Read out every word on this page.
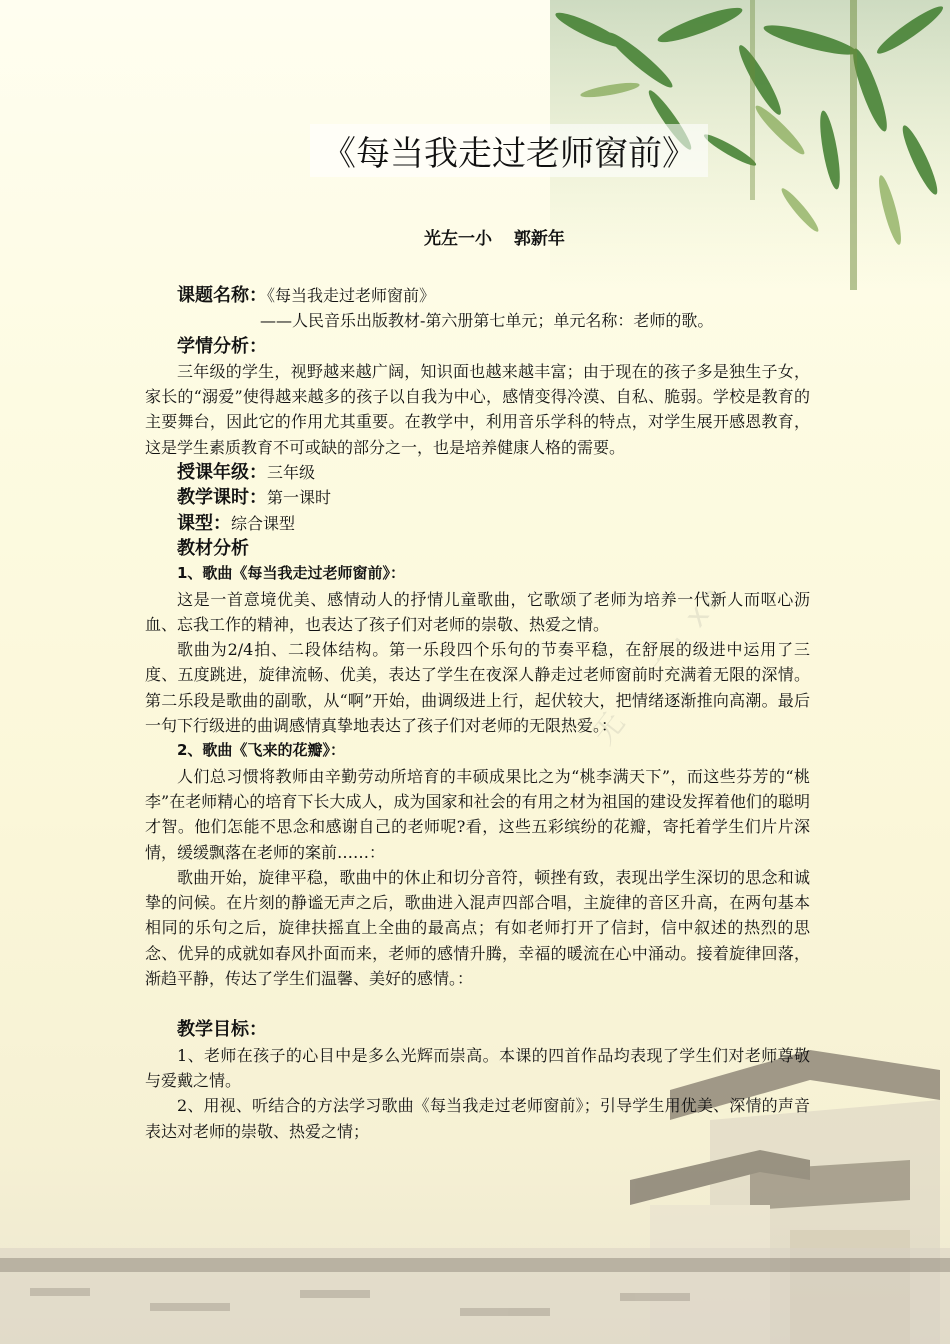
无 · 一 · xn
《每当我走过老师窗前》
光左一小 郭新年

课题名称：《每当我走过老师窗前》

——人民音乐出版教材-第六册第七单元；单元名称：老师的歌。

学情分析：

三年级的学生，视野越来越广阔，知识面也越来越丰富；由于现在的孩子多是独生子女，家长的“溺爱”使得越来越多的孩子以自我为中心，感情变得冷漠、自私、脆弱。学校是教育的主要舞台，因此它的作用尤其重要。在教学中，利用音乐学科的特点，对学生展开感恩教育，这是学生素质教育不可或缺的部分之一，也是培养健康人格的需要。

授课年级：三年级

教学课时：第一课时

课型：综合课型

教材分析

1、歌曲《每当我走过老师窗前》：

这是一首意境优美、感情动人的抒情儿童歌曲，它歌颂了老师为培养一代新人而呕心沥血、忘我工作的精神，也表达了孩子们对老师的崇敬、热爱之情。

歌曲为2/4拍、二段体结构。第一乐段四个乐句的节奏平稳，在舒展的级进中运用了三度、五度跳进，旋律流畅、优美，表达了学生在夜深人静走过老师窗前时充满着无限的深情。第二乐段是歌曲的副歌，从“啊”开始，曲调级进上行，起伏较大，把情绪逐渐推向高潮。最后一句下行级进的曲调感情真挚地表达了孩子们对老师的无限热爱。：

2、歌曲《飞来的花瓣》：

人们总习惯将教师由辛勤劳动所培育的丰硕成果比之为“桃李满天下”，而这些芬芳的“桃李”在老师精心的培育下长大成人，成为国家和社会的有用之材为祖国的建设发挥着他们的聪明才智。他们怎能不思念和感谢自己的老师呢?看，这些五彩缤纷的花瓣，寄托着学生们片片深情，缓缓飘落在老师的案前……：

歌曲开始，旋律平稳，歌曲中的休止和切分音符，顿挫有致，表现出学生深切的思念和诚挚的问候。在片刻的静谧无声之后，歌曲进入混声四部合唱，主旋律的音区升高，在两句基本相同的乐句之后，旋律扶摇直上全曲的最高点；有如老师打开了信封，信中叙述的热烈的思念、优异的成就如春风扑面而来，老师的感情升腾，幸福的暖流在心中涌动。接着旋律回落，渐趋平静，传达了学生们温馨、美好的感情。：

教学目标：

1、老师在孩子的心目中是多么光辉而崇高。本课的四首作品均表现了学生们对老师尊敬与爱戴之情。

2、用视、听结合的方法学习歌曲《每当我走过老师窗前》；引导学生用优美、深情的声音表达对老师的崇敬、热爱之情；
